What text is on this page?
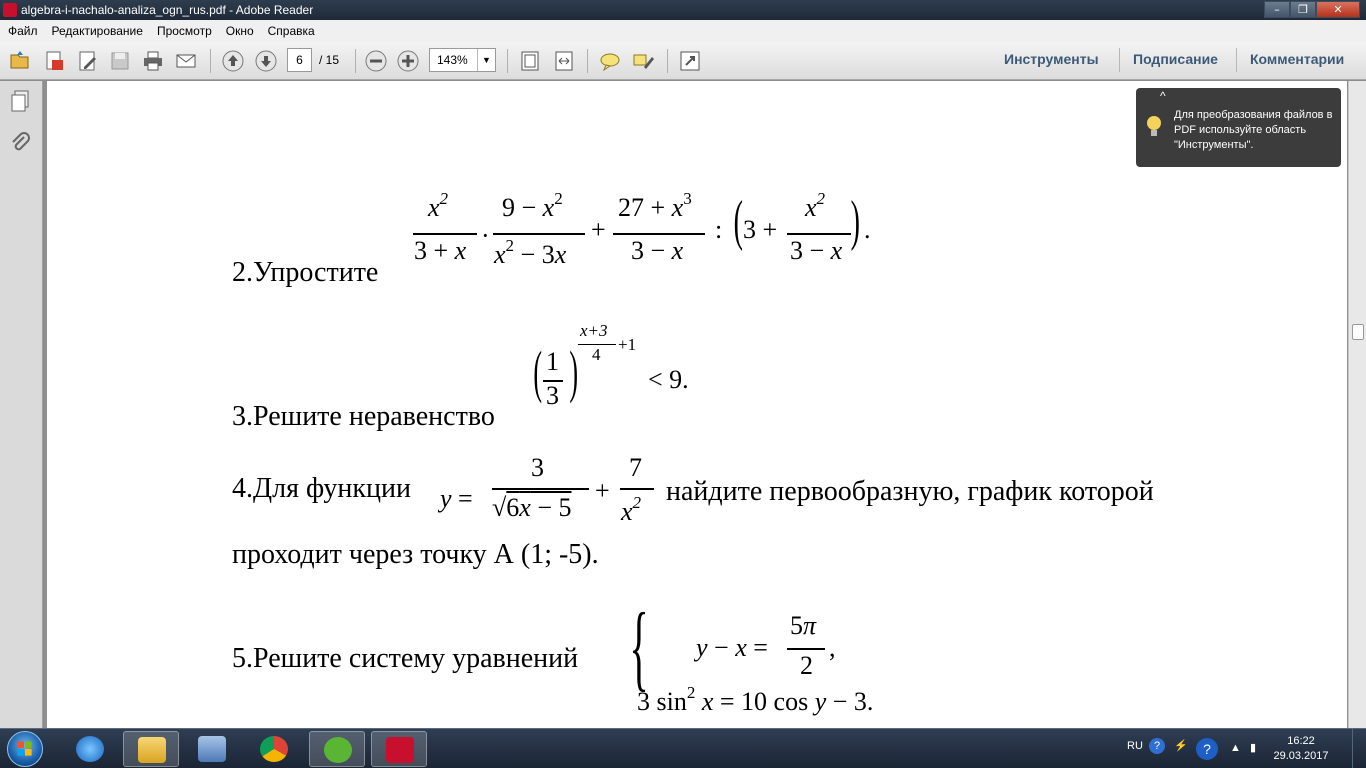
algebra-i-nachalo-analiza_ogn_rus.pdf - Adobe Reader	–	❐	✕
Файл Редактирование Просмотр Окно Справка
6	/ 15	143%	▼	Инструменты Подписание Комментарии
2.Упростите
$x^2$
3 + x
·
$9 - x^2$
$x^2 - 3x$
+
$27 + x^3$
3 − x
: ( 3 +
$x^2$
3 − x ) .
3.Решите неравенство
( 1
3 )
x+3
4
+1
< 9.
4.Для функции y =
3
√6x − 5
+
7
$x^2$ найдите первообразную, график которой
проходит через точку А (1; -5).
5.Решите систему уравнений { y − x =
5π
2
,
3 $\sin^2 x = 10$ cos y − 3.
^
Для преобразования файлов в PDF используйте область "Инструменты".
RU	?	⚡	?	▲ ▮
16:22
29.03.2017
